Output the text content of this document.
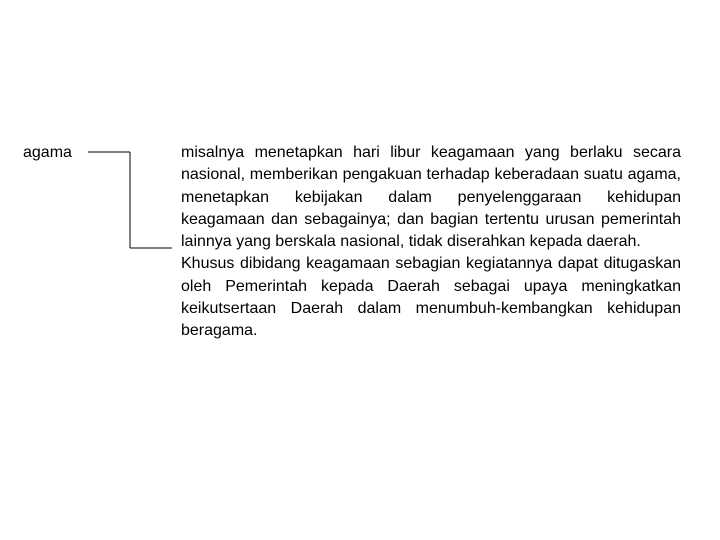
agama	misalnya menetapkan hari libur keagamaan yang berlaku secara nasional, memberikan pengakuan terhadap keberadaan suatu agama, menetapkan kebijakan dalam penyelenggaraan kehidupan keagamaan dan sebagainya; dan bagian tertentu urusan pemerintah lainnya yang berskala nasional, tidak diserahkan kepada daerah.

Khusus dibidang keagamaan sebagian kegiatannya dapat ditugaskan oleh Pemerintah kepada Daerah sebagai upaya meningkatkan keikutsertaan Daerah dalam menumbuh-kembangkan kehidupan beragama.
